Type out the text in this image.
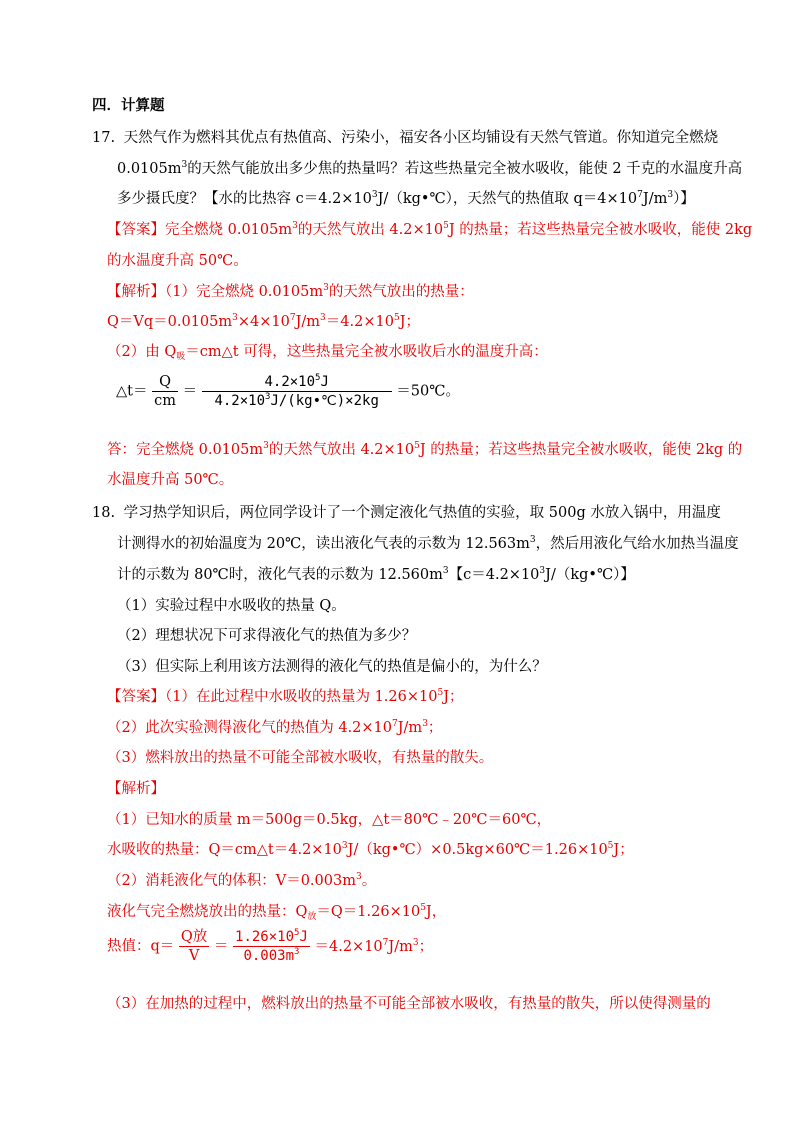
四．计算题
17. 天然气作为燃料其优点有热值高、污染小，福安各小区均铺设有天然气管道。你知道完全燃烧
$0.0105m^3$的天然气能放出多少焦的热量吗？若这些热量完全被水吸收，能使 2 千克的水温度升高
多少摄氏度？【水的比热容 $c=4.2\times 10^3J/(kg•℃)$，天然气的热值取 $q=4\times 10^7J/m^3$）】
【答案】完全燃烧 $0.0105m^3$的天然气放出 $4.2\times 10^5J$ 的热量；若这些热量完全被水吸收，能使 2kg
的水温度升高 50℃。
【解析】（1）完全燃烧 $0.0105m^3$的天然气放出的热量：
$Q=Vq=0.0105m^3\times 4\times 10^7J/m^3=4.2\times 10^5J$；
（2）由 $Q_吸=cm\triangle t$ 可得，这些热量完全被水吸收后水的温度升高：
△t＝ $\frac{Q}{cm} = \frac{4.2\times 10^5J}{4.2\times 10^3J/(kg•℃)\times 2kg}$ ＝50℃。
答：完全燃烧 $0.0105m^3$的天然气放出 $4.2\times 10^5J$ 的热量；若这些热量完全被水吸收，能使 2kg 的
水温度升高 50℃。
18. 学习热学知识后，两位同学设计了一个测定液化气热值的实验，取 500g 水放入锅中，用温度
计测得水的初始温度为 20℃，读出液化气表的示数为 $12.563m^3$，然后用液化气给水加热当温度
计的示数为 80℃时，液化气表的示数为 $12.560m^3$【$c=4.2\times 10^3J/(kg•℃)$】
（1）实验过程中水吸收的热量 Q。
（2）理想状况下可求得液化气的热值为多少？
（3）但实际上利用该方法测得的液化气的热值是偏小的，为什么？
【答案】（1）在此过程中水吸收的热量为 $1.26\times 10^5J$；
（2）此次实验测得液化气的热值为 $4.2\times 10^7J/m^3$；
（3）燃料放出的热量不可能全部被水吸收，有热量的散失。
【解析】
（1）已知水的质量 m＝500g＝0.5kg，△t＝80℃﹣20℃＝60℃，
水吸收的热量：$Q=cm\triangle t=4.2\times 10^3J/(kg•℃)\times 0.5kg\times 60℃=1.26\times 10^5J$；
（2）消耗液化气的体积：$V=0.003m^3$。
液化气完全燃烧放出的热量：$Q_放=Q=1.26\times 10^5J$，
热值：$q= \frac{\text{Q放}}{V} = \frac{1.26\times 10^5J}{0.003m^3} =4.2\times 10^7J/m^3$；
（3）在加热的过程中，燃料放出的热量不可能全部被水吸收，有热量的散失，所以使得测量的
